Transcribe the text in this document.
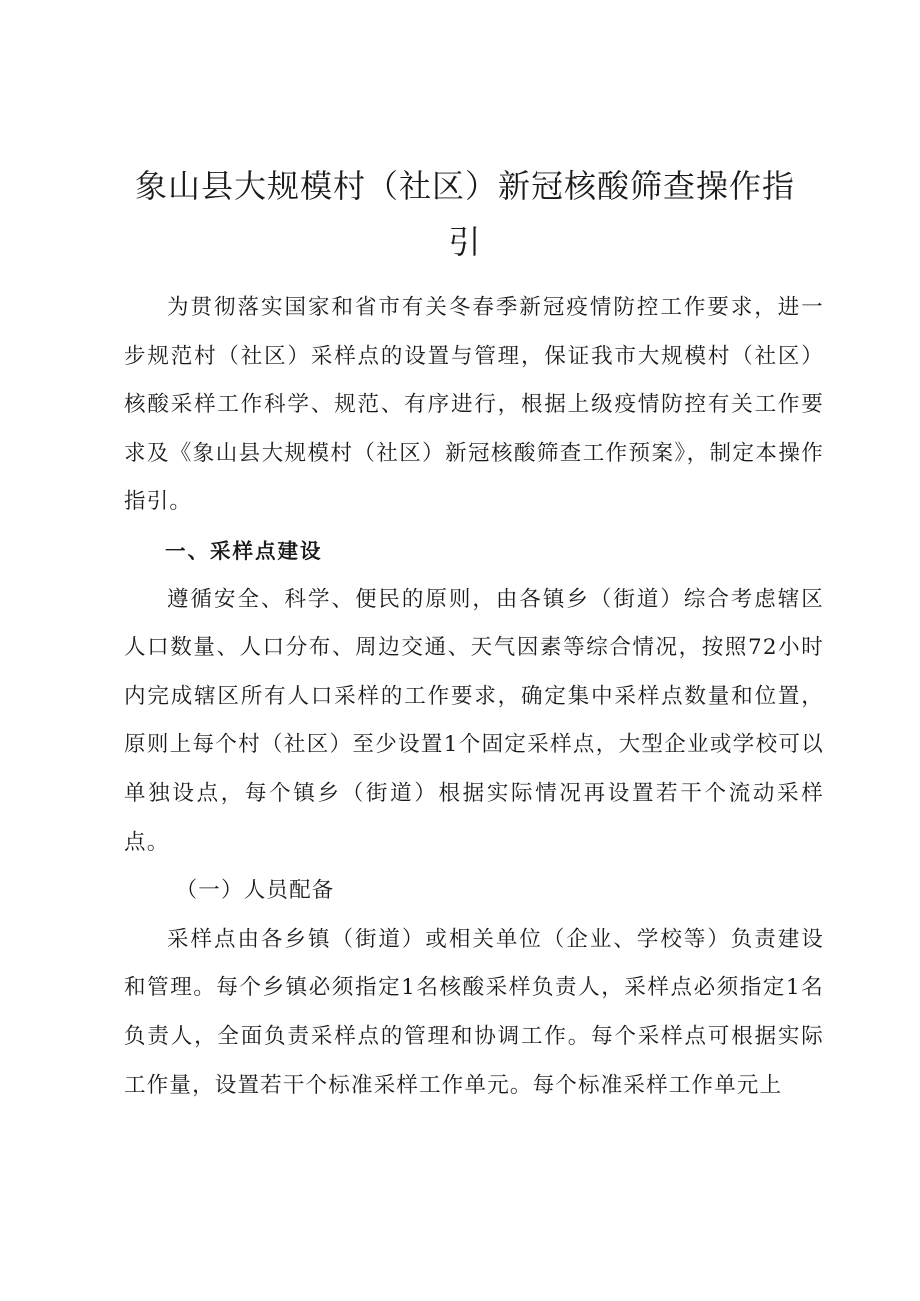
象山县大规模村（社区）新冠核酸筛查操作指
引

为贯彻落实国家和省市有关冬春季新冠疫情防控工作要求，进一步规范村（社区）采样点的设置与管理，保证我市大规模村（社区）核酸采样工作科学、规范、有序进行，根据上级疫情防控有关工作要求及《象山县大规模村（社区）新冠核酸筛查工作预案》，制定本操作指引。

一、采样点建设

遵循安全、科学、便民的原则，由各镇乡（街道）综合考虑辖区人口数量、人口分布、周边交通、天气因素等综合情况，按照72小时内完成辖区所有人口采样的工作要求，确定集中采样点数量和位置，原则上每个村（社区）至少设置1个固定采样点，大型企业或学校可以单独设点，每个镇乡（街道）根据实际情况再设置若干个流动采样点。

（一）人员配备

采样点由各乡镇（街道）或相关单位（企业、学校等）负责建设和管理。每个乡镇必须指定1名核酸采样负责人，采样点必须指定1名负责人，全面负责采样点的管理和协调工作。每个采样点可根据实际工作量，设置若干个标准采样工作单元。每个标准采样工作单元上
